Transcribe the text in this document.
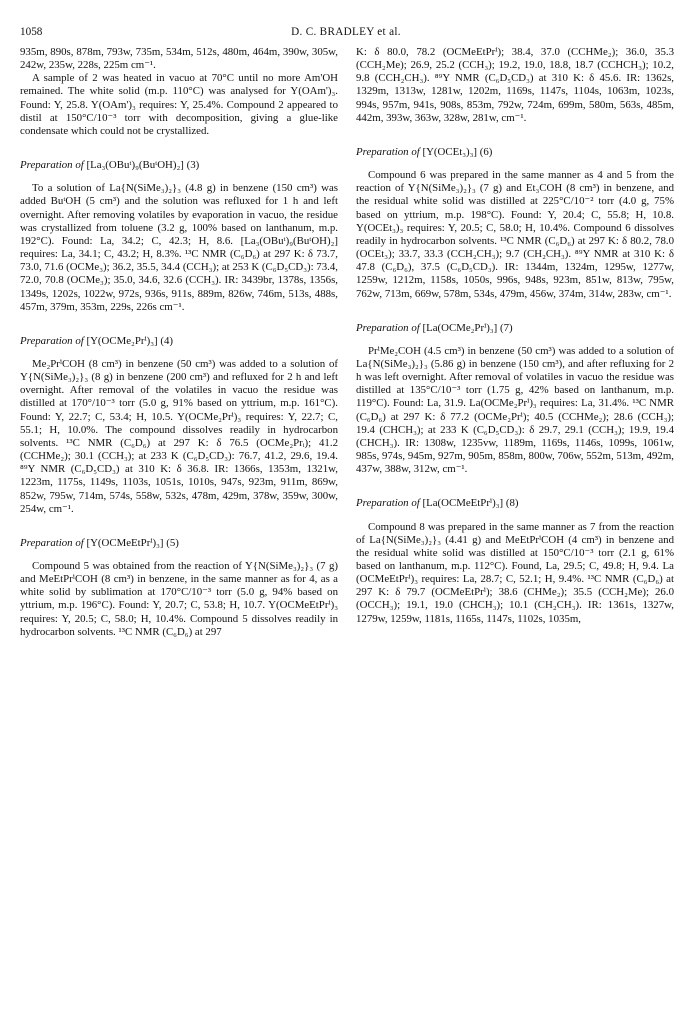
1058	D. C. BRADLEY et al.

935m, 890s, 878m, 793w, 735m, 534m, 512s, 480m, 464m, 390w, 305w, 242w, 235w, 228s, 225m cm⁻¹.

A sample of 2 was heated in vacuo at 70°C until no more Am'OH remained. The white solid (m.p. 110°C) was analysed for Y(OAm')₃. Found: Y, 25.8. Y(OAm')₃ requires: Y, 25.4%. Compound 2 appeared to distil at 150°C/10⁻³ torr with decomposition, giving a glue-like condensate which could not be crystallized.

Preparation of [La₃(OBuᵗ)₉(BuᵗOH)₂] (3)

To a solution of La{N(SiMe₃)₂}₃ (4.8 g) in benzene (150 cm³) was added BuᵗOH (5 cm³) and the solution was refluxed for 1 h and left overnight. After removing volatiles by evaporation in vacuo, the residue was crystallized from toluene (3.2 g, 100% based on lanthanum, m.p. 192°C). Found: La, 34.2; C, 42.3; H, 8.6. [La₃(OBuᵗ)₉(BuᵗOH)₂] requires: La, 34.1; C, 43.2; H, 8.3%. ¹³C NMR (C₆D₆) at 297 K: δ 73.7, 73.0, 71.6 (OCMe₃); 36.2, 35.5, 34.4 (CCH₃); at 253 K (C₆D₅CD₃): 73.4, 72.0, 70.8 (OCMe₃); 35.0, 34.6, 32.6 (CCH₃). IR: 3439br, 1378s, 1356s, 1349s, 1202s, 1022w, 972s, 936s, 911s, 889m, 826w, 746m, 513s, 488s, 457m, 379m, 353m, 229s, 226s cm⁻¹.

Preparation of [Y(OCMe₂Prⁱ)₃] (4)

Me₂PrⁱCOH (8 cm³) in benzene (50 cm³) was added to a solution of Y{N(SiMe₃)₂}₃ (8 g) in benzene (200 cm³) and refluxed for 2 h and left overnight. After removal of the volatiles in vacuo the residue was distilled at 170°/10⁻³ torr (5.0 g, 91% based on yttrium, m.p. 161°C). Found: Y, 22.7; C, 53.4; H, 10.5. Y(OCMe₂Prⁱ)₃ requires: Y, 22.7; C, 55.1; H, 10.0%. The compound dissolves readily in hydrocarbon solvents. ¹³C NMR (C₆D₆) at 297 K: δ 76.5 (OCMe₂Prᵢ); 41.2 (CCHMe₂); 30.1 (CCH₃); at 233 K (C₆D₅CD₃): 76.7, 41.2, 29.6, 19.4. ⁸⁹Y NMR (C₆D₅CD₃) at 310 K: δ 36.8. IR: 1366s, 1353m, 1321w, 1223m, 1175s, 1149s, 1103s, 1051s, 1010s, 947s, 923m, 911m, 869w, 852w, 795w, 714m, 574s, 558w, 532s, 478m, 429m, 378w, 359w, 300w, 254w, cm⁻¹.

Preparation of [Y(OCMeEtPrⁱ)₃] (5)

Compound 5 was obtained from the reaction of Y{N(SiMe₃)₂}₃ (7 g) and MeEtPrⁱCOH (8 cm³) in benzene, in the same manner as for 4, as a white solid by sublimation at 170°C/10⁻³ torr (5.0 g, 94% based on yttrium, m.p. 196°C). Found: Y, 20.7; C, 53.8; H, 10.7. Y(OCMeEtPrⁱ)₃ requires: Y, 20.5; C, 58.0; H, 10.4%. Compound 5 dissolves readily in hydrocarbon solvents. ¹³C NMR (C₆D₆) at 297

K: δ 80.0, 78.2 (OCMeEtPrⁱ); 38.4, 37.0 (CCHMe₂); 36.0, 35.3 (CCH₂Me); 26.9, 25.2 (CCH₃); 19.2, 19.0, 18.8, 18.7 (CCHCH₃); 10.2, 9.8 (CCH₂CH₃). ⁸⁹Y NMR (C₆D₅CD₃) at 310 K: δ 45.6. IR: 1362s, 1329m, 1313w, 1281w, 1202m, 1169s, 1147s, 1104s, 1063m, 1023s, 994s, 957m, 941s, 908s, 853m, 792w, 724m, 699m, 580m, 563s, 485m, 442m, 393w, 363w, 328w, 281w, cm⁻¹.

Preparation of [Y(OCEt₃)₃] (6)

Compound 6 was prepared in the same manner as 4 and 5 from the reaction of Y{N(SiMe₃)₂}₃ (7 g) and Et₃COH (8 cm³) in benzene, and the residual white solid was distilled at 225°C/10⁻² torr (4.0 g, 75% based on yttrium, m.p. 198°C). Found: Y, 20.4; C, 55.8; H, 10.8. Y(OCEt₃)₃ requires: Y, 20.5; C, 58.0; H, 10.4%. Compound 6 dissolves readily in hydrocarbon solvents. ¹³C NMR (C₆D₆) at 297 K: δ 80.2, 78.0 (OCEt₃); 33.7, 33.3 (CCH₂CH₃); 9.7 (CH₂CH₃). ⁸⁹Y NMR at 310 K: δ 47.8 (C₆D₆), 37.5 (C₆D₅CD₃). IR: 1344m, 1324m, 1295w, 1277w, 1259w, 1212m, 1158s, 1050s, 996s, 948s, 923m, 851w, 813w, 795w, 762w, 713m, 669w, 578m, 534s, 479m, 456w, 374m, 314w, 283w, cm⁻¹.

Preparation of [La(OCMe₂Prⁱ)₃] (7)

PrⁱMe₂COH (4.5 cm³) in benzene (50 cm³) was added to a solution of La{N(SiMe₃)₂}₃ (5.86 g) in benzene (150 cm³), and after refluxing for 2 h was left overnight. After removal of volatiles in vacuo the residue was distilled at 135°C/10⁻³ torr (1.75 g, 42% based on lanthanum, m.p. 119°C). Found: La, 31.9. La(OCMe₂Prⁱ)₃ requires: La, 31.4%. ¹³C NMR (C₆D₆) at 297 K: δ 77.2 (OCMe₂Prⁱ); 40.5 (CCHMe₂); 28.6 (CCH₃); 19.4 (CHCH₃); at 233 K (C₆D₅CD₃): δ 29.7, 29.1 (CCH₃); 19.9, 19.4 (CHCH₃). IR: 1308w, 1235vw, 1189m, 1169s, 1146s, 1099s, 1061w, 985s, 974s, 945m, 927m, 905m, 858m, 800w, 706w, 552m, 513m, 492m, 437w, 388w, 312w, cm⁻¹.

Preparation of [La(OCMeEtPrⁱ)₃] (8)

Compound 8 was prepared in the same manner as 7 from the reaction of La{N(SiMe₃)₂}₃ (4.41 g) and MeEtPrⁱCOH (4 cm³) in benzene and the residual white solid was distilled at 150°C/10⁻³ torr (2.1 g, 61% based on lanthanum, m.p. 112°C). Found, La, 29.5; C, 49.8; H, 9.4. La (OCMeEtPrⁱ)₃ requires: La, 28.7; C, 52.1; H, 9.4%. ¹³C NMR (C₆D₆) at 297 K: δ 79.7 (OCMeEtPrⁱ); 38.6 (CHMe₂); 35.5 (CCH₂Me); 26.0 (OCCH₃); 19.1, 19.0 (CHCH₃); 10.1 (CH₂CH₃). IR: 1361s, 1327w, 1279w, 1259w, 1181s, 1165s, 1147s, 1102s, 1035m,
